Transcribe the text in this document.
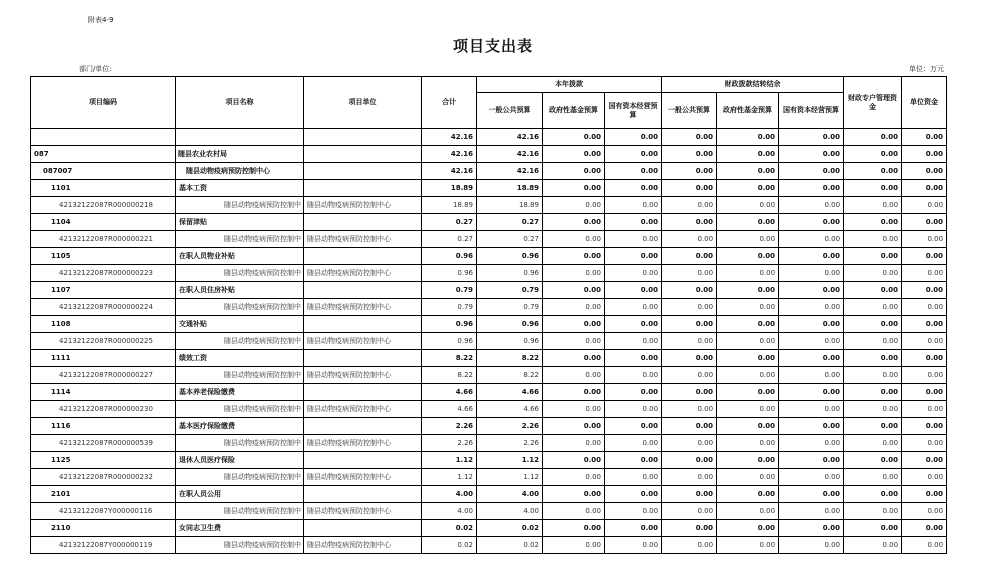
附表4-9
项目支出表
部门/单位:	单位：万元
项目编码	项目名称	项目单位	合计	本年拨款			财政拨款结转结余			财政专户管理资金	单位资金
				一般公共预算	政府性基金预算	国有资本经营预算	一般公共预算	政府性基金预算	国有资本经营预算		
			42.16	42.16	0.00	0.00	0.00	0.00	0.00	0.00	0.00
087	随县农业农村局		42.16	42.16	0.00	0.00	0.00	0.00	0.00	0.00	0.00
087007	随县动物疫病预防控制中心		42.16	42.16	0.00	0.00	0.00	0.00	0.00	0.00	0.00
1101	基本工资		18.89	18.89	0.00	0.00	0.00	0.00	0.00	0.00	0.00
42132122087R000000218	随县动物疫病预防控制中	随县动物疫病预防控制中心	18.89	18.89	0.00	0.00	0.00	0.00	0.00	0.00	0.00
1104	保留津贴		0.27	0.27	0.00	0.00	0.00	0.00	0.00	0.00	0.00
42132122087R000000221	随县动物疫病预防控制中	随县动物疫病预防控制中心	0.27	0.27	0.00	0.00	0.00	0.00	0.00	0.00	0.00
1105	在职人员物业补贴		0.96	0.96	0.00	0.00	0.00	0.00	0.00	0.00	0.00
42132122087R000000223	随县动物疫病预防控制中	随县动物疫病预防控制中心	0.96	0.96	0.00	0.00	0.00	0.00	0.00	0.00	0.00
1107	在职人员住房补贴		0.79	0.79	0.00	0.00	0.00	0.00	0.00	0.00	0.00
42132122087R000000224	随县动物疫病预防控制中	随县动物疫病预防控制中心	0.79	0.79	0.00	0.00	0.00	0.00	0.00	0.00	0.00
1108	交通补贴		0.96	0.96	0.00	0.00	0.00	0.00	0.00	0.00	0.00
42132122087R000000225	随县动物疫病预防控制中	随县动物疫病预防控制中心	0.96	0.96	0.00	0.00	0.00	0.00	0.00	0.00	0.00
1111	绩效工资		8.22	8.22	0.00	0.00	0.00	0.00	0.00	0.00	0.00
42132122087R000000227	随县动物疫病预防控制中	随县动物疫病预防控制中心	8.22	8.22	0.00	0.00	0.00	0.00	0.00	0.00	0.00
1114	基本养老保险缴费		4.66	4.66	0.00	0.00	0.00	0.00	0.00	0.00	0.00
42132122087R000000230	随县动物疫病预防控制中	随县动物疫病预防控制中心	4.66	4.66	0.00	0.00	0.00	0.00	0.00	0.00	0.00
1116	基本医疗保险缴费		2.26	2.26	0.00	0.00	0.00	0.00	0.00	0.00	0.00
42132122087R000000539	随县动物疫病预防控制中	随县动物疫病预防控制中心	2.26	2.26	0.00	0.00	0.00	0.00	0.00	0.00	0.00
1125	退休人员医疗保险		1.12	1.12	0.00	0.00	0.00	0.00	0.00	0.00	0.00
42132122087R000000232	随县动物疫病预防控制中	随县动物疫病预防控制中心	1.12	1.12	0.00	0.00	0.00	0.00	0.00	0.00	0.00
2101	在职人员公用		4.00	4.00	0.00	0.00	0.00	0.00	0.00	0.00	0.00
42132122087Y000000116	随县动物疫病预防控制中	随县动物疫病预防控制中心	4.00	4.00	0.00	0.00	0.00	0.00	0.00	0.00	0.00
2110	女同志卫生费		0.02	0.02	0.00	0.00	0.00	0.00	0.00	0.00	0.00
42132122087Y000000119	随县动物疫病预防控制中	随县动物疫病预防控制中心	0.02	0.02	0.00	0.00	0.00	0.00	0.00	0.00	0.00
